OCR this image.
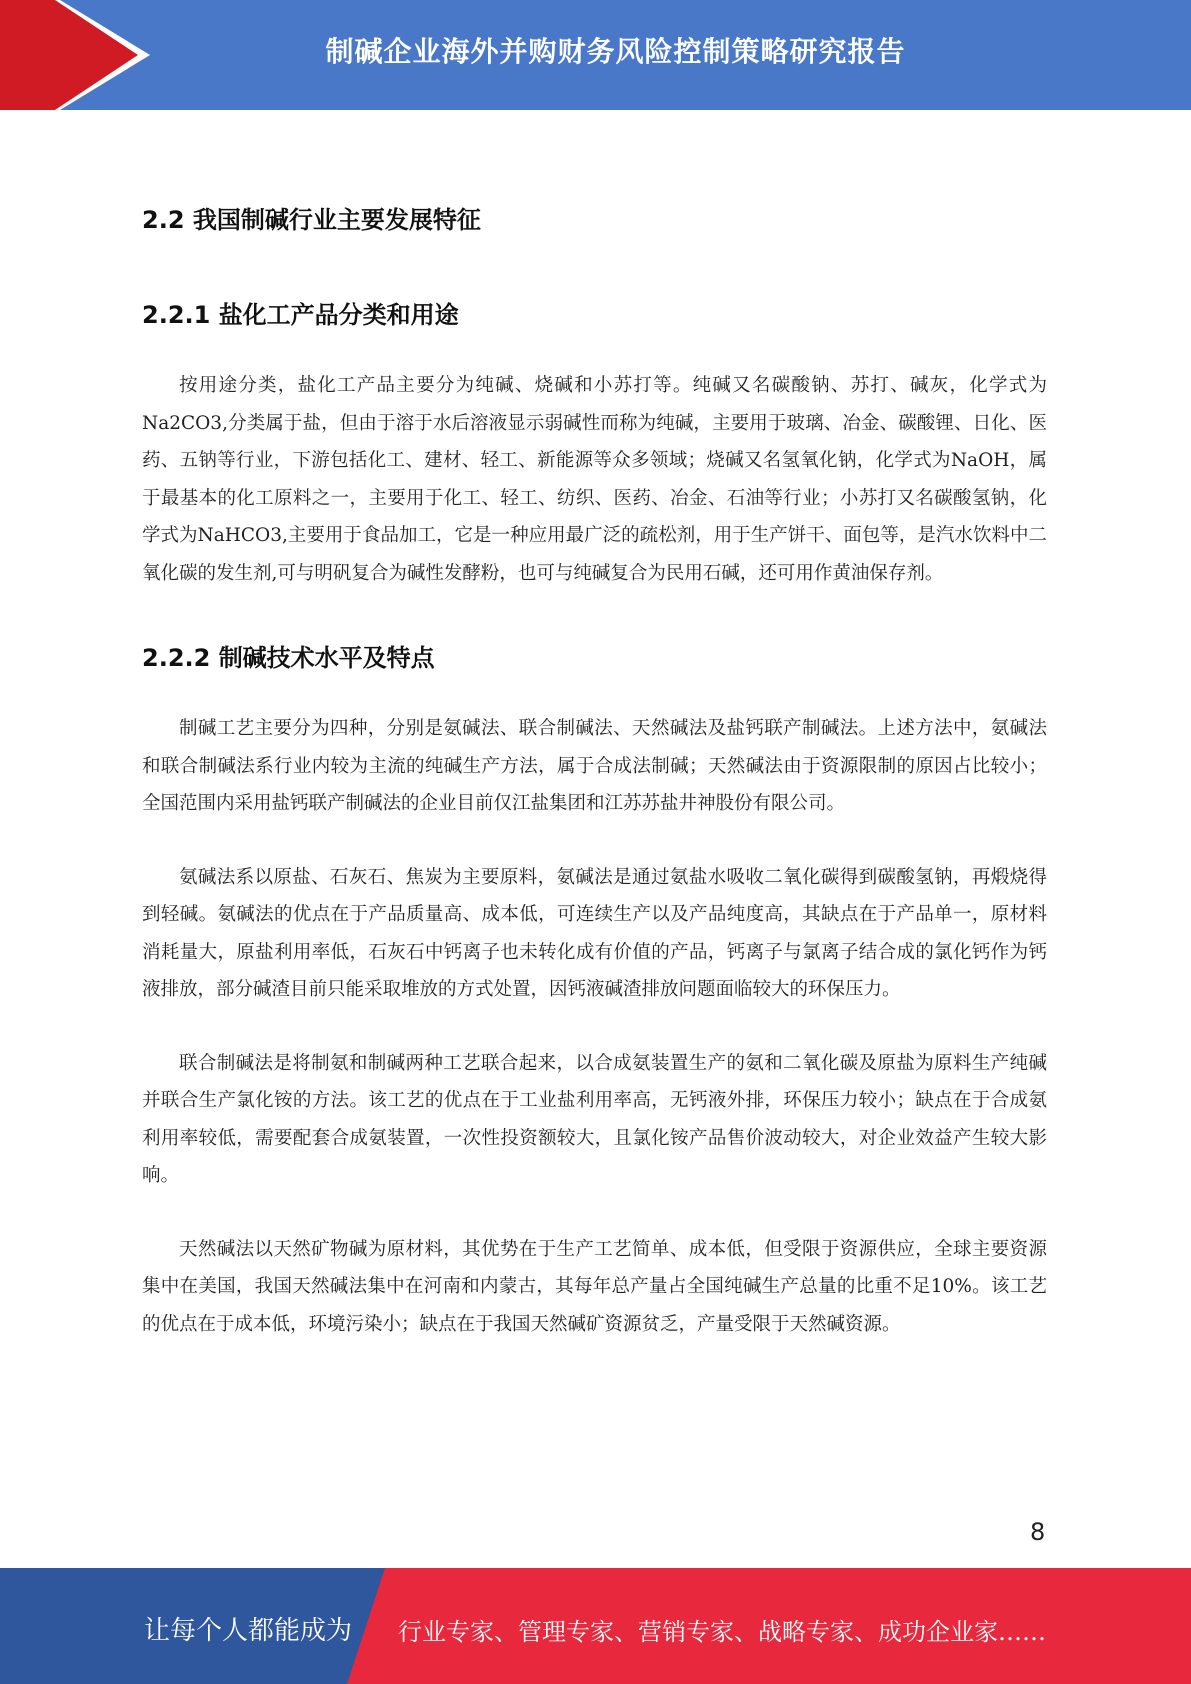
制碱企业海外并购财务风险控制策略研究报告
2.2 我国制碱行业主要发展特征
2.2.1 盐化工产品分类和用途

按用途分类，盐化工产品主要分为纯碱、烧碱和小苏打等。纯碱又名碳酸钠、苏打、碱灰，化学式为Na2CO3,分类属于盐，但由于溶于水后溶液显示弱碱性而称为纯碱，主要用于玻璃、冶金、碳酸锂、日化、医药、五钠等行业，下游包括化工、建材、轻工、新能源等众多领域；烧碱又名氢氧化钠，化学式为NaOH，属于最基本的化工原料之一，主要用于化工、轻工、纺织、医药、冶金、石油等行业；小苏打又名碳酸氢钠，化学式为NaHCO3,主要用于食品加工，它是一种应用最广泛的疏松剂，用于生产饼干、面包等，是汽水饮料中二氧化碳的发生剂,可与明矾复合为碱性发酵粉，也可与纯碱复合为民用石碱，还可用作黄油保存剂。

2.2.2 制碱技术水平及特点

制碱工艺主要分为四种，分别是氨碱法、联合制碱法、天然碱法及盐钙联产制碱法。上述方法中，氨碱法和联合制碱法系行业内较为主流的纯碱生产方法，属于合成法制碱；天然碱法由于资源限制的原因占比较小；全国范围内采用盐钙联产制碱法的企业目前仅江盐集团和江苏苏盐井神股份有限公司。

氨碱法系以原盐、石灰石、焦炭为主要原料，氨碱法是通过氨盐水吸收二氧化碳得到碳酸氢钠，再煅烧得到轻碱。氨碱法的优点在于产品质量高、成本低，可连续生产以及产品纯度高，其缺点在于产品单一，原材料消耗量大，原盐利用率低，石灰石中钙离子也未转化成有价值的产品，钙离子与氯离子结合成的氯化钙作为钙液排放，部分碱渣目前只能采取堆放的方式处置，因钙液碱渣排放问题面临较大的环保压力。

联合制碱法是将制氨和制碱两种工艺联合起来，以合成氨装置生产的氨和二氧化碳及原盐为原料生产纯碱并联合生产氯化铵的方法。该工艺的优点在于工业盐利用率高，无钙液外排，环保压力较小；缺点在于合成氨利用率较低，需要配套合成氨装置，一次性投资额较大，且氯化铵产品售价波动较大，对企业效益产生较大影响。

天然碱法以天然矿物碱为原材料，其优势在于生产工艺简单、成本低，但受限于资源供应，全球主要资源集中在美国，我国天然碱法集中在河南和内蒙古，其每年总产量占全国纯碱生产总量的比重不足10%。该工艺的优点在于成本低，环境污染小；缺点在于我国天然碱矿资源贫乏，产量受限于天然碱资源。

8
让每个人都能成为 行业专家、管理专家、营销专家、战略专家、成功企业家……
